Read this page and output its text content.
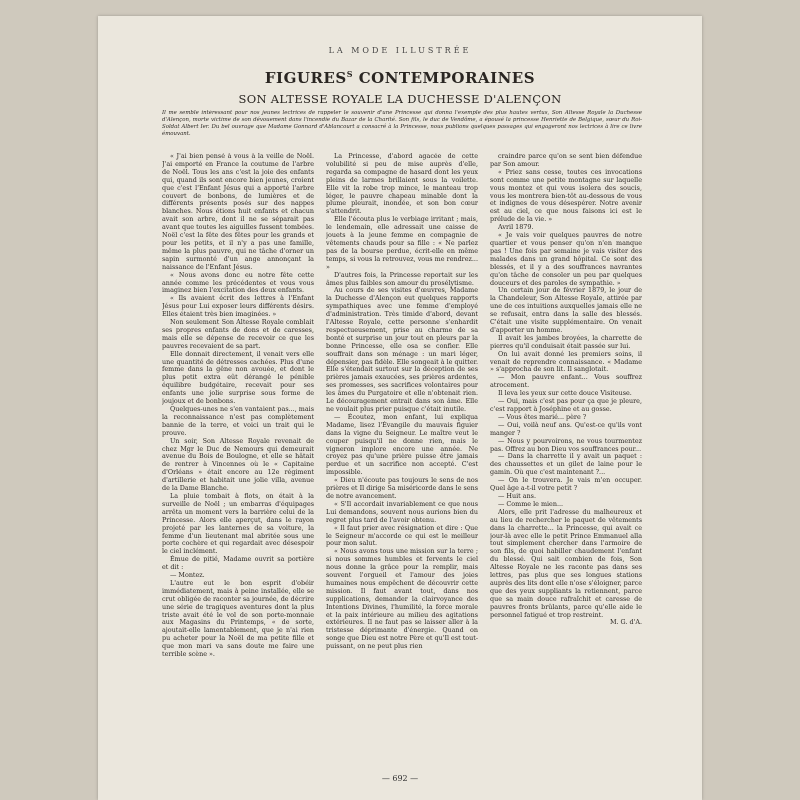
LA MODE ILLUSTRÉE
$FIGURES^S$ CONTEMPORAINES
SON ALTESSE ROYALE LA DUCHESSE D'ALENÇON
Il me semble intéressant pour nos jeunes lectrices de rappeler le souvenir d'une Princesse qui donna l'exemple des plus hautes vertus, Son Altesse Royale la Duchesse d'Alençon, morte victime de son dévouement dans l'incendie du Bazar de la Charité. Son fils, le duc de Vendôme, a épousé la princesse Henriette de Belgique, sœur du Roi-Soldat Albert Ier. Du bel ouvrage que Madame Gonnard d'Ablancourt a consacré à la Princesse, nous publions quelques passages qui engageront nos lectrices à lire ce livre émouvant.

« J'ai bien pensé à vous à la veille de Noël. J'ai emporté en France la coutume de l'arbre de Noël. Tous les ans c'est la joie des enfants qui, quand ils sont encore bien jeunes, croient que c'est l'Enfant Jésus qui a apporté l'arbre couvert de bonbons, de lumières et de différents présents posés sur des nappes blanches. Nous étions huit enfants et chacun avait son arbre, dont il ne se séparait pas avant que toutes les aiguilles fussent tombées. Noël c'est la fête des fêtes pour les grands et pour les petits, et il n'y a pas une famille, même la plus pauvre, qui ne tâche d'orner un sapin surmonté d'un ange annonçant la naissance de l'Enfant Jésus.

« Nous avons donc eu notre fête cette année comme les précédentes et vous vous imaginez bien l'excitation des deux enfants.

« Ils avaient écrit des lettres à l'Enfant Jésus pour Lui exposer leurs différents désirs. Elles étaient très bien imaginées. »

Non seulement Son Altesse Royale comblait ses propres enfants de dons et de caresses, mais elle se dépense de recevoir ce que les pauvres recevaient de sa part.

Elle donnait directement, il venait vers elle une quantité de détresses cachées. Plus d'une femme dans la gêne non avouée, et dont le plus petit extra eût dérangé le pénible équilibre budgétaire, recevait pour ses enfants une jolie surprise sous forme de joujoux et de bonbons.

Quelques-unes ne s'en vantaient pas..., mais la reconnaissance n'est pas complètement bannie de la terre, et voici un trait qui le prouve.

Un soir, Son Altesse Royale revenait de chez Mgr le Duc de Nemours qui demeurait avenue du Bois de Boulogne, et elle se hâtait de rentrer à Vincennes où le « Capitaine d'Orléans » était encore au 12e régiment d'artillerie et habitait une jolie villa, avenue de la Dame Blanche.

La pluie tombait à flots, on était à la surveille de Noël ; un embarras d'équipages arrêta un moment vers la barrière celui de la Princesse. Alors elle aperçut, dans le rayon projeté par les lanternes de sa voiture, la femme d'un lieutenant mal abritée sous une porte cochère et qui regardait avec désespoir le ciel inclément.

Émue de pitié, Madame ouvrit sa portière et dit :

— Montez.

L'autre eut le bon esprit d'obéir immédiatement, mais à peine installée, elle se crut obligée de raconter sa journée, de décrire une série de tragiques aventures dont la plus triste avait été le vol de son porte-monnaie aux Magasins du Printemps, « de sorte, ajoutait-elle lamentablement, que je n'ai rien pu acheter pour la Noël de ma petite fille et que mon mari va sans doute me faire une terrible scène ».

La Princesse, d'abord agacée de cette volubilité si peu de mise auprès d'elle, regarda sa compagne de hasard dont les yeux pleins de larmes brillaient sous la voilette. Elle vit la robe trop mince, le manteau trop léger, le pauvre chapeau minable dont la plume pleurait, inondée, et son bon cœur s'attendrit.

Elle l'écouta plus le verbiage irritant ; mais, le lendemain, elle adressait une caisse de jouets à la jeune femme en compagnie de vêtements chauds pour sa fille : « Ne parlez pas de la bourse perdue, écrit-elle en même temps, si vous la retrouvez, vous me rendrez... »

D'autres fois, la Princesse reportait sur les âmes plus faibles son amour du prosélytisme.

Au cours de ses visites d'œuvres, Madame la Duchesse d'Alençon eut quelques rapports sympathiques avec une femme d'employé d'administration. Très timide d'abord, devant l'Altesse Royale, cette personne s'enhardit respectueusement, prise au charme de sa bonté et surprise un jour tout en pleurs par la bonne Princesse, elle osa se confier. Elle souffrait dans son ménage : un mari léger, dépensier, pas fidèle. Elle songeait à le quitter. Elle s'étendait surtout sur la déception de ses prières jamais exaucées, ses prières ardentes, ses promesses, ses sacrifices volontaires pour les âmes du Purgatoire et elle n'obtenait rien. Le découragement entrait dans son âme. Elle ne voulait plus prier puisque c'était inutile.

— Écoutez, mon enfant, lui expliqua Madame, lisez l'Évangile du mauvais figuier dans la vigne du Seigneur. Le maître veut le couper puisqu'il ne donne rien, mais le vigneron implore encore une année. Ne croyez pas qu'une prière puisse être jamais perdue et un sacrifice non accepté. C'est impossible.

« Dieu n'écoute pas toujours le sens de nos prières et Il dirige Sa miséricorde dans le sens de notre avancement.

« S'Il accordait invariablement ce que nous Lui demandons, souvent nous aurions bien du regret plus tard de l'avoir obtenu.

« Il faut prier avec résignation et dire : Que le Seigneur m'accorde ce qui est le meilleur pour mon salut.

« Nous avons tous une mission sur la terre ; si nous sommes humbles et fervents le ciel nous donne la grâce pour la remplir, mais souvent l'orgueil et l'amour des joies humaines nous empêchent de découvrir cette mission. Il faut avant tout, dans nos supplications, demander la clairvoyance des Intentions Divines, l'humilité, la force morale et la paix intérieure au milieu des agitations extérieures. Il ne faut pas se laisser aller à la tristesse déprimante d'énergie. Quand on songe que Dieu est notre Père et qu'Il est tout-puissant, on ne peut plus rien

craindre parce qu'on se sent bien défendue par Son amour.

« Priez sans cesse, toutes ces invocations sont comme une petite montagne sur laquelle vous montez et qui vous isolera des soucis, vous les montrera bien-tôt au-dessous de vous et indignes de vous désespérer. Notre avenir est au ciel, ce que nous faisons ici est le prélude de la vie. »

Avril 1879.

« Je vais voir quelques pauvres de notre quartier et vous penser qu'on n'en manque pas ! Une fois par semaine je vais visiter des malades dans un grand hôpital. Ce sont des blessés, et il y a des souffrances navrantes qu'on tâche de consoler un peu par quelques douceurs et des paroles de sympathie. »

Un certain jour de février 1879, le jour de la Chandeleur, Son Altesse Royale, attirée par une de ces intuitions auxquelles jamais elle ne se refusait, entra dans la salle des blessés. C'était une visite supplémentaire. On venait d'apporter un homme.

Il avait les jambes broyées, la charrette de pierres qu'il conduisait était passée sur lui.

On lui avait donné les premiers soins, il venait de reprendre connaissance. « Madame » s'approcha de son lit. Il sanglotait.

— Mon pauvre enfant... Vous souffrez atrocement.

Il leva les yeux sur cette douce Visiteuse.

— Oui, mais c'est pas pour ça que je pleure, c'est rapport à Joséphine et au gosse.

— Vous êtes marié... père ?

— Oui, voilà neuf ans. Qu'est-ce qu'ils vont manger ?

— Nous y pourvoirons, ne vous tourmentez pas. Offrez au bon Dieu vos souffrances pour...

— Dans la charrette il y avait un paquet : des chaussettes et un gilet de laine pour le gamin. Où que c'est maintenant ?...

— On le trouvera. Je vais m'en occuper. Quel âge a-t-il votre petit ?

— Huit ans.

— Comme le mien...

Alors, elle prit l'adresse du malheureux et au lieu de rechercher le paquet de vêtements dans la charrette... la Princesse, qui avait ce jour-là avec elle le petit Prince Emmanuel alla tout simplement chercher dans l'armoire de son fils, de quoi habiller chaudement l'enfant du blessé. Qui sait combien de fois, Son Altesse Royale ne les raconte pas dans ses lettres, pas plus que ses longues stations auprès des lits dont elle n'ose s'éloigner, parce que des yeux suppliants la retiennent, parce que sa main douce rafraîchit et caresse de pauvres fronts brûlants, parce qu'elle aide le personnel fatigué et trop restreint.

M. G. d'A.

— 692 —
